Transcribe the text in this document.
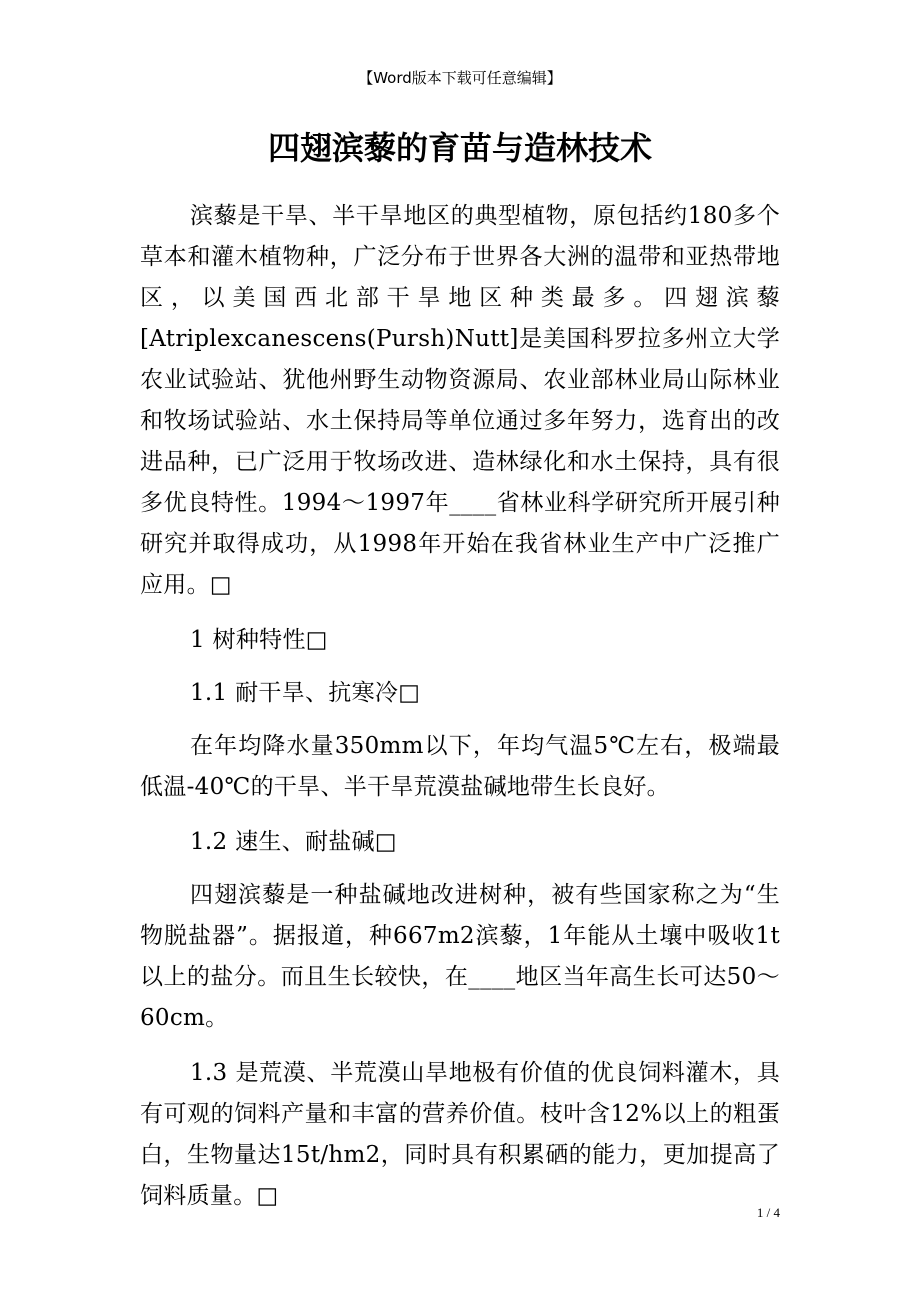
【Word版本下载可任意编辑】
四翅滨藜的育苗与造林技术

滨藜是干旱、半干旱地区的典型植物，原包括约180多个草本和灌木植物种，广泛分布于世界各大洲的温带和亚热带地区，以美国西北部干旱地区种类最多。四翅滨藜[Atriplexcanescens(Pursh)Nutt]是美国科罗拉多州立大学农业试验站、犹他州野生动物资源局、农业部林业局山际林业和牧场试验站、水土保持局等单位通过多年努力，选育出的改进品种，已广泛用于牧场改进、造林绿化和水土保持，具有很多优良特性。1994～1997年____省林业科学研究所开展引种研究并取得成功，从1998年开始在我省林业生产中广泛推广应用。□

1 树种特性□

1.1 耐干旱、抗寒冷□

在年均降水量350mm以下，年均气温5℃左右，极端最低温-40℃的干旱、半干旱荒漠盐碱地带生长良好。

1.2 速生、耐盐碱□

四翅滨藜是一种盐碱地改进树种，被有些国家称之为“生物脱盐器”。据报道，种667m2滨藜，1年能从土壤中吸收1t以上的盐分。而且生长较快，在____地区当年高生长可达50～60cm。

1.3 是荒漠、半荒漠山旱地极有价值的优良饲料灌木，具有可观的饲料产量和丰富的营养价值。枝叶含12%以上的粗蛋白，生物量达15t/hm2，同时具有积累硒的能力，更加提高了饲料质量。□

1 / 4
